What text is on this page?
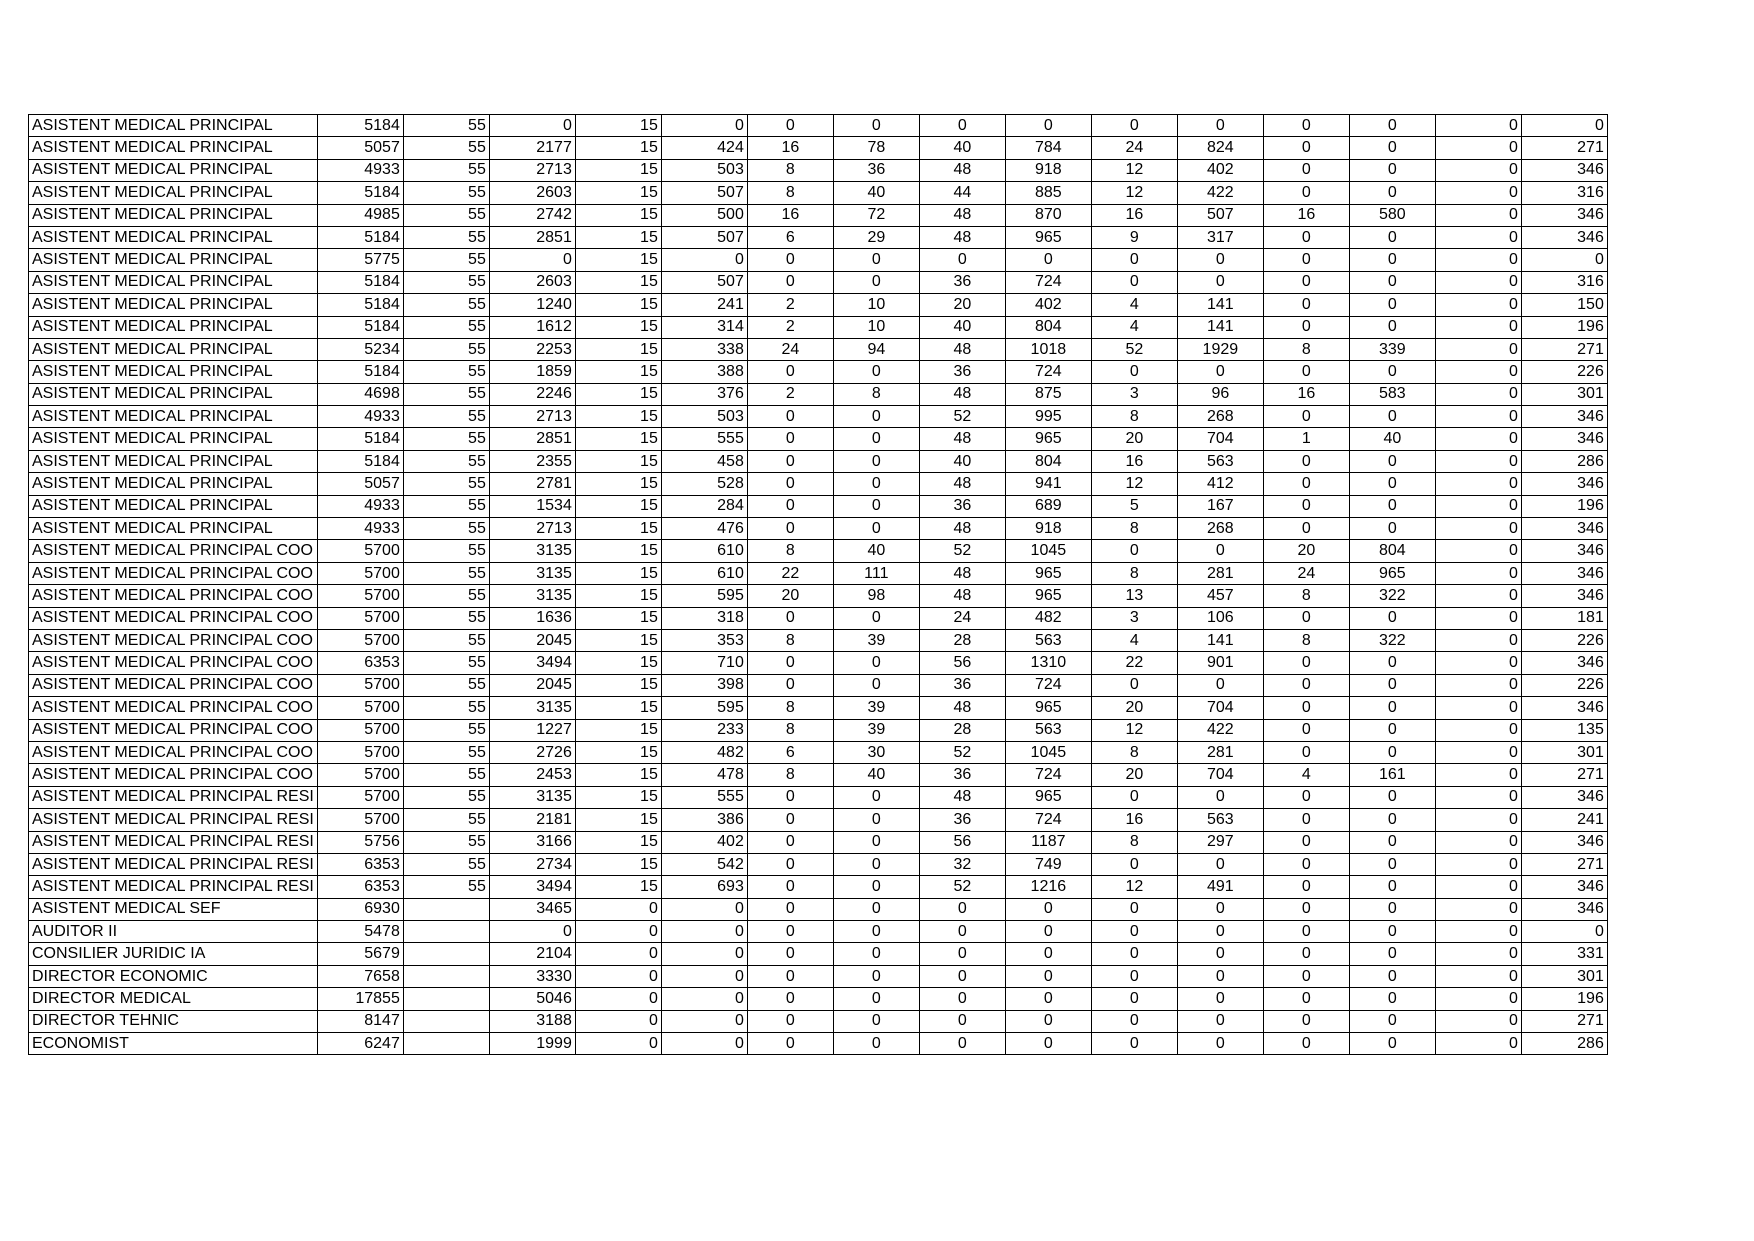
ASISTENT MEDICAL PRINCIPAL	5184	55	0	15	0	0	0	0	0	0	0	0	0	0	0
ASISTENT MEDICAL PRINCIPAL	5057	55	2177	15	424	16	78	40	784	24	824	0	0	0	271
ASISTENT MEDICAL PRINCIPAL	4933	55	2713	15	503	8	36	48	918	12	402	0	0	0	346
ASISTENT MEDICAL PRINCIPAL	5184	55	2603	15	507	8	40	44	885	12	422	0	0	0	316
ASISTENT MEDICAL PRINCIPAL	4985	55	2742	15	500	16	72	48	870	16	507	16	580	0	346
ASISTENT MEDICAL PRINCIPAL	5184	55	2851	15	507	6	29	48	965	9	317	0	0	0	346
ASISTENT MEDICAL PRINCIPAL	5775	55	0	15	0	0	0	0	0	0	0	0	0	0	0
ASISTENT MEDICAL PRINCIPAL	5184	55	2603	15	507	0	0	36	724	0	0	0	0	0	316
ASISTENT MEDICAL PRINCIPAL	5184	55	1240	15	241	2	10	20	402	4	141	0	0	0	150
ASISTENT MEDICAL PRINCIPAL	5184	55	1612	15	314	2	10	40	804	4	141	0	0	0	196
ASISTENT MEDICAL PRINCIPAL	5234	55	2253	15	338	24	94	48	1018	52	1929	8	339	0	271
ASISTENT MEDICAL PRINCIPAL	5184	55	1859	15	388	0	0	36	724	0	0	0	0	0	226
ASISTENT MEDICAL PRINCIPAL	4698	55	2246	15	376	2	8	48	875	3	96	16	583	0	301
ASISTENT MEDICAL PRINCIPAL	4933	55	2713	15	503	0	0	52	995	8	268	0	0	0	346
ASISTENT MEDICAL PRINCIPAL	5184	55	2851	15	555	0	0	48	965	20	704	1	40	0	346
ASISTENT MEDICAL PRINCIPAL	5184	55	2355	15	458	0	0	40	804	16	563	0	0	0	286
ASISTENT MEDICAL PRINCIPAL	5057	55	2781	15	528	0	0	48	941	12	412	0	0	0	346
ASISTENT MEDICAL PRINCIPAL	4933	55	1534	15	284	0	0	36	689	5	167	0	0	0	196
ASISTENT MEDICAL PRINCIPAL	4933	55	2713	15	476	0	0	48	918	8	268	0	0	0	346
ASISTENT MEDICAL PRINCIPAL COO	5700	55	3135	15	610	8	40	52	1045	0	0	20	804	0	346
ASISTENT MEDICAL PRINCIPAL COO	5700	55	3135	15	610	22	111	48	965	8	281	24	965	0	346
ASISTENT MEDICAL PRINCIPAL COO	5700	55	3135	15	595	20	98	48	965	13	457	8	322	0	346
ASISTENT MEDICAL PRINCIPAL COO	5700	55	1636	15	318	0	0	24	482	3	106	0	0	0	181
ASISTENT MEDICAL PRINCIPAL COO	5700	55	2045	15	353	8	39	28	563	4	141	8	322	0	226
ASISTENT MEDICAL PRINCIPAL COO	6353	55	3494	15	710	0	0	56	1310	22	901	0	0	0	346
ASISTENT MEDICAL PRINCIPAL COO	5700	55	2045	15	398	0	0	36	724	0	0	0	0	0	226
ASISTENT MEDICAL PRINCIPAL COO	5700	55	3135	15	595	8	39	48	965	20	704	0	0	0	346
ASISTENT MEDICAL PRINCIPAL COO	5700	55	1227	15	233	8	39	28	563	12	422	0	0	0	135
ASISTENT MEDICAL PRINCIPAL COO	5700	55	2726	15	482	6	30	52	1045	8	281	0	0	0	301
ASISTENT MEDICAL PRINCIPAL COO	5700	55	2453	15	478	8	40	36	724	20	704	4	161	0	271
ASISTENT MEDICAL PRINCIPAL RESI	5700	55	3135	15	555	0	0	48	965	0	0	0	0	0	346
ASISTENT MEDICAL PRINCIPAL RESI	5700	55	2181	15	386	0	0	36	724	16	563	0	0	0	241
ASISTENT MEDICAL PRINCIPAL RESI	5756	55	3166	15	402	0	0	56	1187	8	297	0	0	0	346
ASISTENT MEDICAL PRINCIPAL RESI	6353	55	2734	15	542	0	0	32	749	0	0	0	0	0	271
ASISTENT MEDICAL PRINCIPAL RESI	6353	55	3494	15	693	0	0	52	1216	12	491	0	0	0	346
ASISTENT MEDICAL SEF	6930		3465	0	0	0	0	0	0	0	0	0	0	0	346
AUDITOR II	5478		0	0	0	0	0	0	0	0	0	0	0	0	0
CONSILIER JURIDIC IA	5679		2104	0	0	0	0	0	0	0	0	0	0	0	331
DIRECTOR ECONOMIC	7658		3330	0	0	0	0	0	0	0	0	0	0	0	301
DIRECTOR MEDICAL	17855		5046	0	0	0	0	0	0	0	0	0	0	0	196
DIRECTOR TEHNIC	8147		3188	0	0	0	0	0	0	0	0	0	0	0	271
ECONOMIST	6247		1999	0	0	0	0	0	0	0	0	0	0	0	286
